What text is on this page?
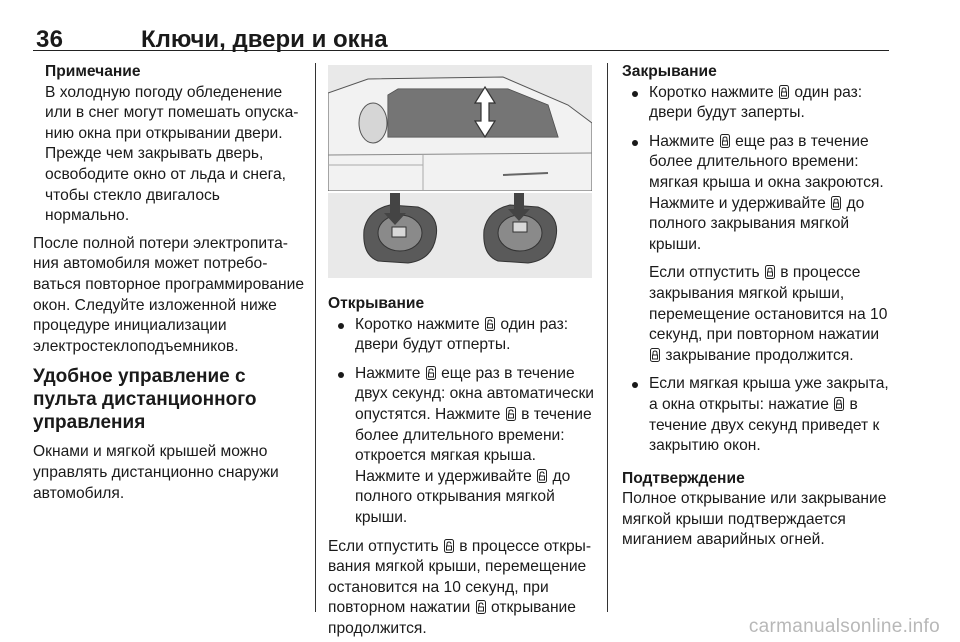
36	Ключи, двери и окна

Примечание

В холодную погоду обледенение или в снег могут помешать опусканию окна при открывании двери. Прежде чем закрывать дверь, освободите окно от льда и снега, чтобы стекло двигалось нормально.

После полной потери электропитания автомобиля может потребоваться повторное программирование окон. Следуйте изложенной ниже процедуре инициализации электростеклоподъемников.

Удобное управление с пульта дистанционного управления

Окнами и мягкой крышей можно управлять дистанционно снаружи автомобиля.

Открывание

Коротко нажмите  один раз: двери будут отперты.
Нажмите  еще раз в течение двух секунд: окна автоматически опустятся. Нажмите  в течение более длительного времени: откроется мягкая крыша. Нажмите и удерживайте  до полного открывания мягкой крыши.

Если отпустить  в процессе открывания мягкой крыши, перемещение остановится на 10 секунд, при повторном нажатии  открывание продолжится.

Закрывание

Коротко нажмите  один раз: двери будут заперты.
Нажмите  еще раз в течение более длительного времени: мягкая крыша и окна закроются. Нажмите и удерживайте  до полного закрывания мягкой крыши.

Если отпустить  в процессе закрывания мягкой крыши, перемещение остановится на 10 секунд, при повторном нажатии  закрывание продолжится.

Если мягкая крыша уже закрыта, а окна открыты: нажатие  в течение двух секунд приведет к закрытию окон.

Подтверждение

Полное открывание или закрывание мягкой крыши подтверждается миганием аварийных огней.

carmanualsonline.info
